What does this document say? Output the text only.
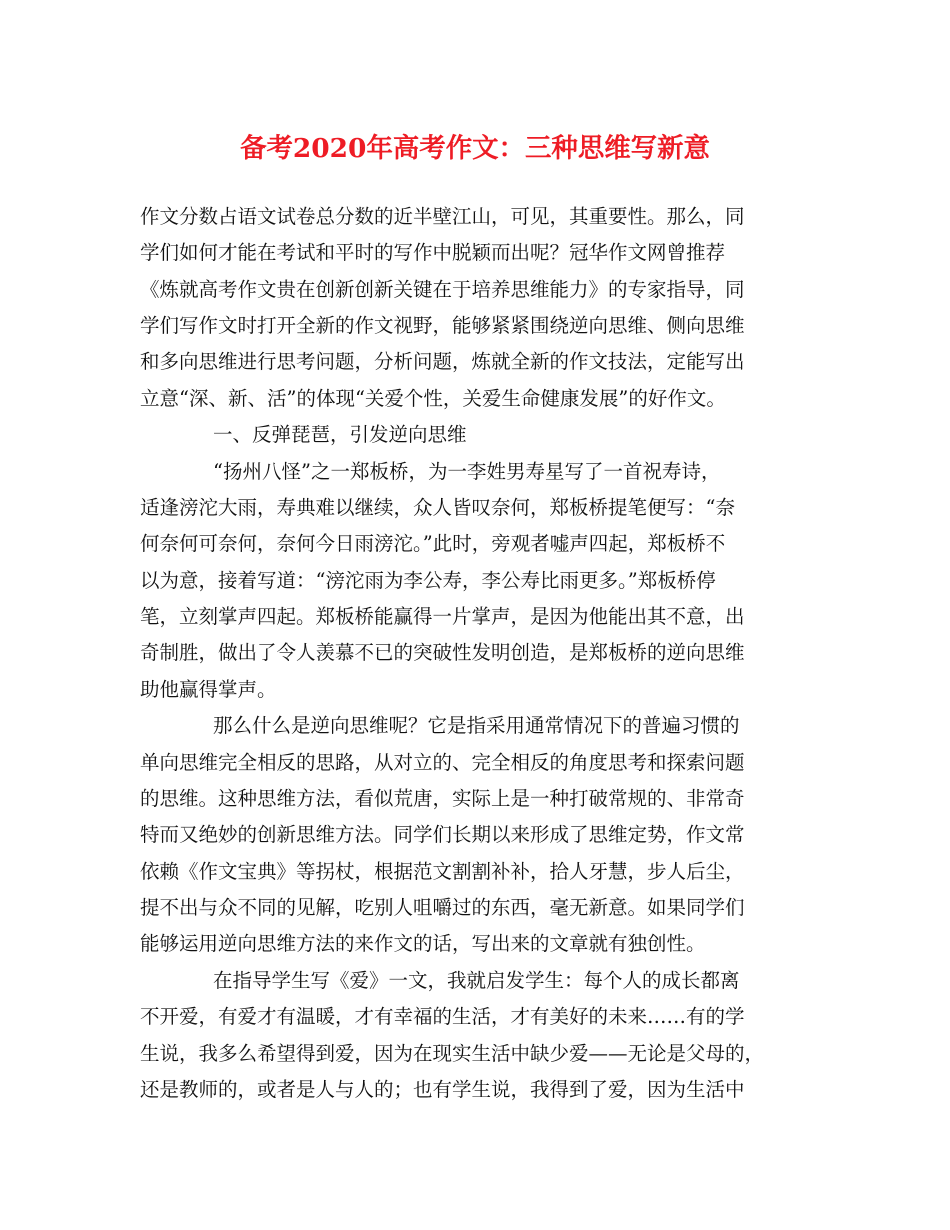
备考2020年高考作文：三种思维写新意
作文分数占语文试卷总分数的近半壁江山，可见，其重要性。那么，同
学们如何才能在考试和平时的写作中脱颖而出呢？冠华作文网曾推荐
《炼就高考作文贵在创新创新关键在于培养思维能力》的专家指导，同
学们写作文时打开全新的作文视野，能够紧紧围绕逆向思维、侧向思维
和多向思维进行思考问题，分析问题，炼就全新的作文技法，定能写出
立意“深、新、活”的体现“关爱个性，关爱生命健康发展”的好作文。
一、反弹琵琶，引发逆向思维
“扬州八怪”之一郑板桥，为一李姓男寿星写了一首祝寿诗，
适逢滂沱大雨，寿典难以继续，众人皆叹奈何，郑板桥提笔便写：“奈
何奈何可奈何，奈何今日雨滂沱。”此时，旁观者嘘声四起，郑板桥不
以为意，接着写道：“滂沱雨为李公寿，李公寿比雨更多。”郑板桥停
笔，立刻掌声四起。郑板桥能赢得一片掌声，是因为他能出其不意，出
奇制胜，做出了令人羡慕不已的突破性发明创造，是郑板桥的逆向思维
助他赢得掌声。
那么什么是逆向思维呢？它是指采用通常情况下的普遍习惯的
单向思维完全相反的思路，从对立的、完全相反的角度思考和探索问题
的思维。这种思维方法，看似荒唐，实际上是一种打破常规的、非常奇
特而又绝妙的创新思维方法。同学们长期以来形成了思维定势，作文常
依赖《作文宝典》等拐杖，根据范文割割补补，拾人牙慧，步人后尘，
提不出与众不同的见解，吃别人咀嚼过的东西，毫无新意。如果同学们
能够运用逆向思维方法的来作文的话，写出来的文章就有独创性。
在指导学生写《爱》一文，我就启发学生：每个人的成长都离
不开爱，有爱才有温暖，才有幸福的生活，才有美好的未来……有的学
生说，我多么希望得到爱，因为在现实生活中缺少爱——无论是父母的，
还是教师的，或者是人与人的；也有学生说，我得到了爱，因为生活中
